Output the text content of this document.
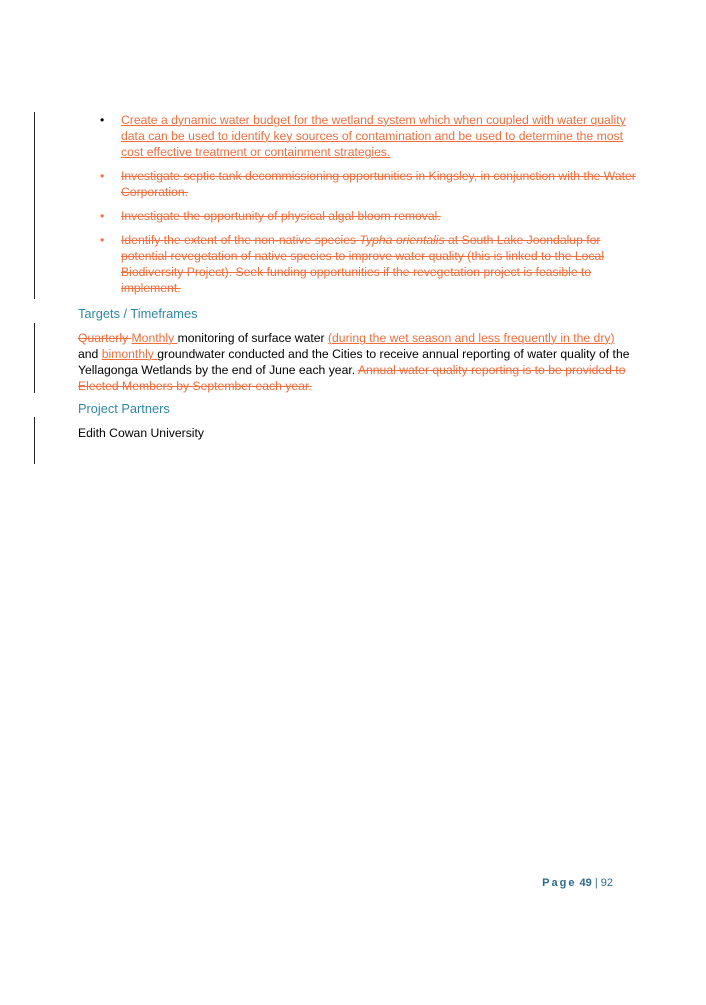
• Create a dynamic water budget for the wetland system which when coupled with water quality data can be used to identify key sources of contamination and be used to determine the most cost effective treatment or containment strategies.
• Investigate septic tank decommissioning opportunities in Kingsley, in conjunction with the Water Corporation.
• Investigate the opportunity of physical algal bloom removal.
• Identify the extent of the non-native species Typha orientalis at South Lake Joondalup for potential revegetation of native species to improve water quality (this is linked to the Local Biodiversity Project). Seek funding opportunities if the revegetation project is feasible to implement.
Targets / Timeframes
Quarterly Monthly monitoring of surface water (during the wet season and less frequently in the dry) and bimonthly groundwater conducted and the Cities to receive annual reporting of water quality of the Yellagonga Wetlands by the end of June each year. Annual water quality reporting is to be provided to Elected Members by September each year.
Project Partners
Edith Cowan University
Page 49 | 92
